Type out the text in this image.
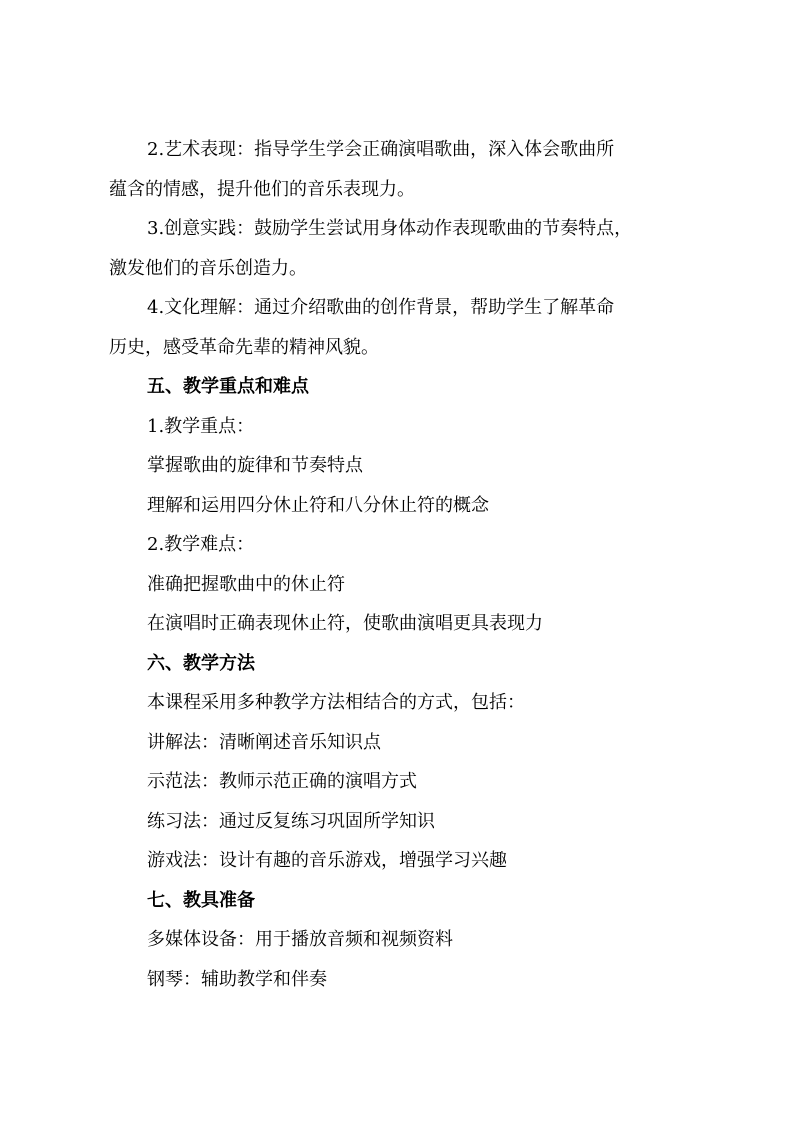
2.艺术表现：指导学生学会正确演唱歌曲，深入体会歌曲所
蕴含的情感，提升他们的音乐表现力。
3.创意实践：鼓励学生尝试用身体动作表现歌曲的节奏特点，
激发他们的音乐创造力。
4.文化理解：通过介绍歌曲的创作背景，帮助学生了解革命
历史，感受革命先辈的精神风貌。
五、教学重点和难点
1.教学重点：
掌握歌曲的旋律和节奏特点
理解和运用四分休止符和八分休止符的概念
2.教学难点：
准确把握歌曲中的休止符
在演唱时正确表现休止符，使歌曲演唱更具表现力
六、教学方法
本课程采用多种教学方法相结合的方式，包括：
讲解法：清晰阐述音乐知识点
示范法：教师示范正确的演唱方式
练习法：通过反复练习巩固所学知识
游戏法：设计有趣的音乐游戏，增强学习兴趣
七、教具准备
多媒体设备：用于播放音频和视频资料
钢琴：辅助教学和伴奏
